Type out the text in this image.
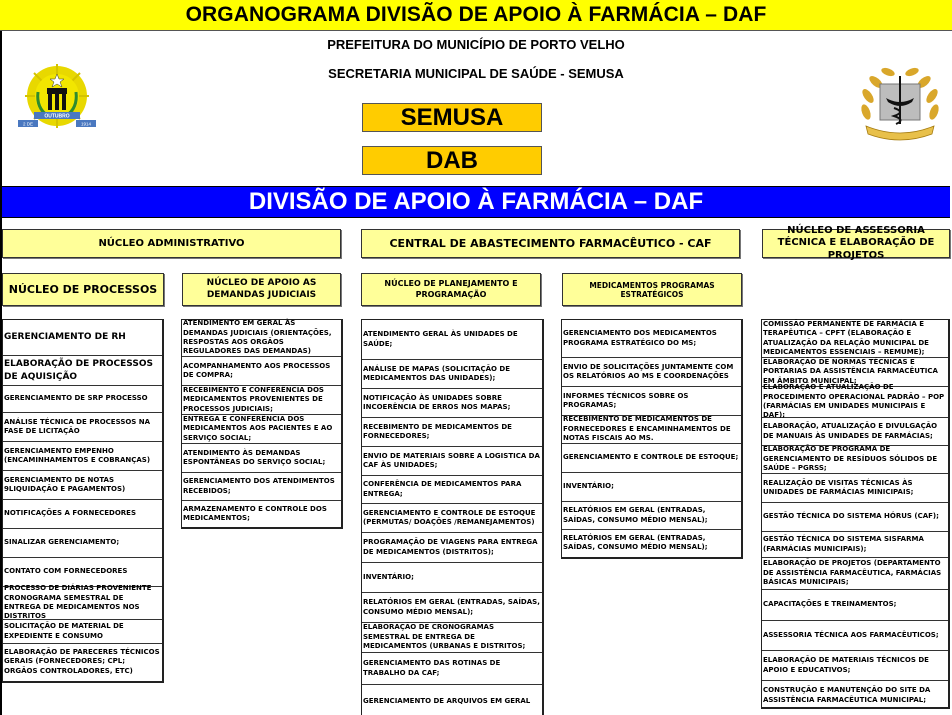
ORGANOGRAMA DIVISÃO DE APOIO À FARMÁCIA – DAF
PREFEITURA DO MUNICÍPIO DE PORTO VELHO
SECRETARIA MUNICIPAL DE SAÚDE - SEMUSA
OUTUBRO
2 DE	1914	SEMUSA
DAB
DIVISÃO DE APOIO À FARMÁCIA – DAF
NÚCLEO ADMINISTRATIVO	CENTRAL DE ABASTECIMENTO FARMACÊUTICO - CAF
NÚCLEO DE ASSESSORIA TÉCNICA E ELABORAÇÃO DE PROJETOS
NÚCLEO DE PROCESSOS	NÚCLEO DE APOIO AS DEMANDAS JUDICIAIS
NÚCLEO DE PLANEJAMENTO E PROGRAMAÇÃO
MEDICAMENTOS PROGRAMAS ESTRATÉGICOS
GERENCIAMENTO DE RH
ELABORAÇÃO DE PROCESSOS DE AQUISIÇÃO
GERENCIAMENTO DE SRP PROCESSO
ANÁLISE TÉCNICA DE PROCESSOS NA FASE DE LICITAÇÃO
GERENCIAMENTO EMPENHO (ENCAMINHAMENTOS E COBRANÇAS)
GERENCIAMENTO DE NOTAS 9LIQUIDAÇÃO E PAGAMENTOS)
NOTIFICAÇÕES A FORNECEDORES
SINALIZAR GERENCIAMENTO;
CONTATO COM FORNECEDORES
PROCESSO DE DIÁRIAS PROVENIENTE CRONOGRAMA SEMESTRAL DE ENTREGA DE MEDICAMENTOS NOS DISTRITOS
SOLICITAÇÃO DE MATERIAL DE EXPEDIENTE E CONSUMO
ELABORAÇÃO DE PARECERES TÉCNICOS GERAIS (FORNECEDORES; CPL; ORGÃOS CONTROLADORES, ETC)
ATENDIMENTO EM GERAL ÀS DEMANDAS JUDICIAIS (ORIENTAÇÕES, RESPOSTAS AOS ORGÃOS REGULADORES DAS DEMANDAS)
ACOMPANHAMENTO AOS PROCESSOS DE COMPRA;
RECEBIMENTO E CONFERÊNCIA DOS MEDICAMENTOS PROVENIENTES DE PROCESSOS JUDICIAIS;
ENTREGA E CONFERÊNCIA DOS MEDICAMENTOS AOS PACIENTES E AO SERVIÇO SOCIAL;
ATENDIMENTO ÀS DEMANDAS ESPONTÂNEAS DO SERVIÇO SOCIAL;
GERENCIAMENTO DOS ATENDIMENTOS RECEBIDOS;
ARMAZENAMENTO E CONTROLE DOS MEDICAMENTOS;
ATENDIMENTO GERAL ÀS UNIDADES DE SAÚDE;
ANÁLISE DE MAPAS (SOLICITAÇÃO DE MEDICAMENTOS DAS UNIDADES);
NOTIFICAÇÃO ÀS UNIDADES SOBRE INCOERÊNCIA DE ERROS NOS MAPAS;
RECEBIMENTO DE MEDICAMENTOS DE FORNECEDORES;
ENVIO DE MATERIAIS SOBRE A LOGISTICA DA CAF ÀS UNIDADES;
CONFERÊNCIA DE MEDICAMENTOS PARA ENTREGA;
GERENCIAMENTO E CONTROLE DE ESTOQUE (PERMUTAS/ DOAÇÕES /REMANEJAMENTOS)
PROGRAMAÇÃO DE VIAGENS PARA ENTREGA DE MEDICAMENTOS (DISTRITOS);
INVENTÁRIO;
RELATÓRIOS EM GERAL (ENTRADAS, SAÍDAS, CONSUMO MÉDIO MENSAL);
ELABORAÇÃO DE CRONOGRAMAS SEMESTRAL DE ENTREGA DE MEDICAMENTOS (URBANAS E DISTRITOS;
GERENCIAMENTO DAS ROTINAS DE TRABALHO DA CAF;
GERENCIAMENTO DE ARQUIVOS EM GERAL
GERENCIAMENTO DOS MEDICAMENTOS PROGRAMA ESTRATÉGICO DO MS;
ENVIO DE SOLICITAÇÕES JUNTAMENTE COM OS RELATÓRIOS AO MS E COORDENAÇÕES
INFORMES TÉCNICOS SOBRE OS PROGRAMAS;
RECEBIMENTO DE MEDICAMENTOS DE FORNECEDORES E ENCAMINHAMENTOS DE NOTAS FISCAIS AO MS.
GERENCIAMENTO E CONTROLE DE ESTOQUE;
INVENTÁRIO;
RELATÓRIOS EM GERAL (ENTRADAS, SAÍDAS, CONSUMO MÉDIO MENSAL);
RELATÓRIOS EM GERAL (ENTRADAS, SAÍDAS, CONSUMO MÉDIO MENSAL);
COMISSÃO PERMANENTE DE FARMÁCIA E TERAPÊUTICA – CPFT (ELABORAÇÃO E ATUALIZAÇÃO DA RELAÇÃO MUNICIPAL DE MEDICAMENTOS ESSENCIAIS – REMUME);
ELABORAÇÃO DE NORMAS TÉCNICAS E PORTARIAS DA ASSISTÊNCIA FARMACÊUTICA EM ÂMBITO MUNICIPAL;
ELABORAÇÃO E ATUALIZAÇÃO DE PROCEDIMENTO OPERACIONAL PADRÃO – POP (FARMÁCIAS EM UNIDADES MUNICIPAIS E DAF);
ELABORAÇÃO, ATUALIZAÇÃO E DIVULGAÇÃO DE MANUAIS ÀS UNIDADES DE FARMÁCIAS;
ELABORAÇÃO DE PROGRAMA DE GERENCIAMENTO DE RESÍDUOS SÓLIDOS DE SAÚDE – PGRSS;
REALIZAÇÃO DE VISITAS TÉCNICAS ÀS UNIDADES DE FARMÁCIAS MINICIPAIS;
GESTÃO TÉCNICA DO SISTEMA HÓRUS (CAF);
GESTÃO TÉCNICA DO SISTEMA SISFARMA (FARMÁCIAS MUNICIPAIS);
ELABORAÇÃO DE PROJETOS (DEPARTAMENTO DE ASSISTÊNCIA FARMACÊUTICA, FARMÁCIAS BÁSICAS MUNICIPAIS;
CAPACITAÇÕES E TREINAMENTOS;
ASSESSORIA TÉCNICA AOS FARMACÊUTICOS;
ELABORAÇÃO DE MATERIAIS TÉCNICOS DE APOIO E EDUCATIVOS;
CONSTRUÇÃO E MANUTENÇÃO DO SITE DA ASSISTÊNCIA FARMACÊUTICA MUNICIPAL;
